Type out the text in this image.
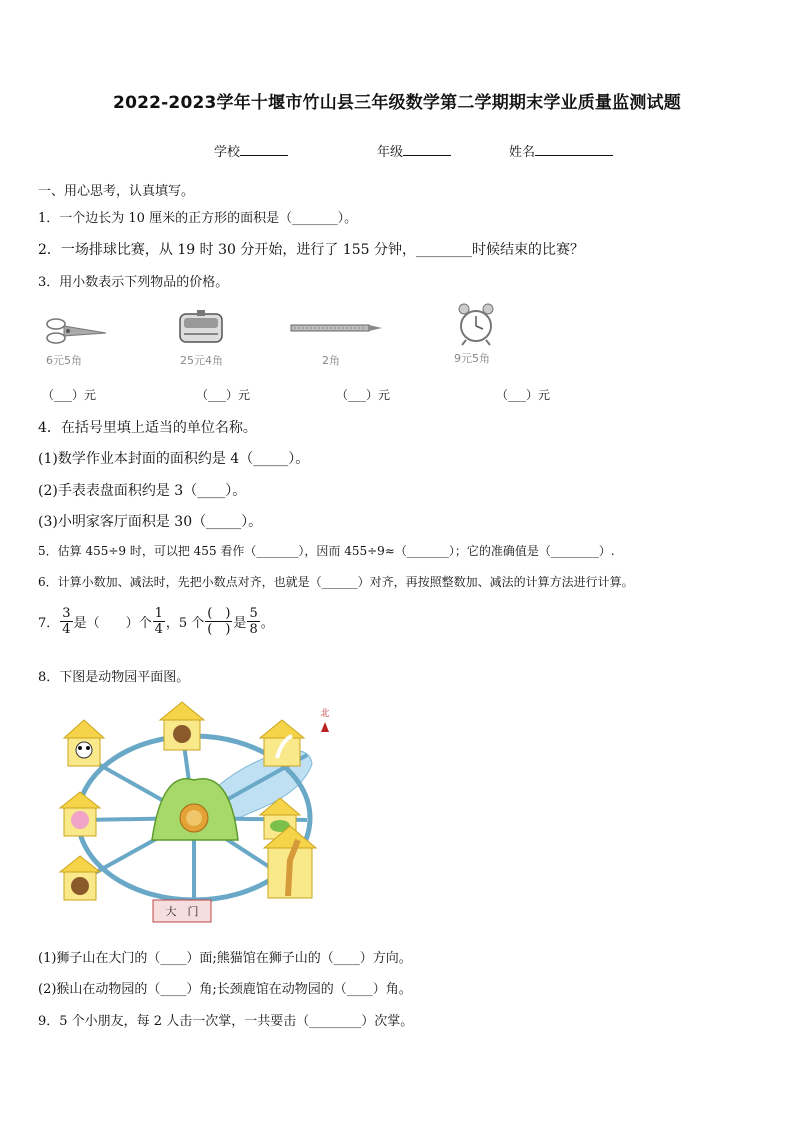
2022-2023学年十堰市竹山县三年级数学第二学期期末学业质量监测试题
学校	年级	姓名
一、用心思考，认真填写。
1．一个边长为 10 厘米的正方形的面积是（_______）。
2．一场排球比赛，从 19 时 30 分开始，进行了 155 分钟，________时候结束的比赛？
3．用小数表示下列物品的价格。
6元5角	25元4角	2角	9元5角
（___）元	（___）元	（___）元	（___）元
4．在括号里填上适当的单位名称。
(1)数学作业本封面的面积约是 4（_____）。
(2)手表表盘面积约是 3（____）。
(3)小明家客厅面积是 30（_____）。
5．估算 455÷9 时，可以把 455 看作（_______），因而 455÷9≈（_______）；它的准确值是（________）.
6．计算小数加、减法时，先把小数点对齐，也就是（______）对齐，再按照整数加、减法的计算方法进行计算。
7． $\frac{3}{4}$ 是（　　）个 $\frac{1}{4}$ ，5 个 $\frac{( )}{( )}$ 是 $\frac{5}{8}$ 。
8．下图是动物园平面图。
大　门
北
(1)狮子山在大门的（____）面;熊猫馆在狮子山的（____）方向。
(2)猴山在动物园的（____）角;长颈鹿馆在动物园的（____）角。
9．5 个小朋友，每 2 人击一次掌，一共要击（________）次掌。
